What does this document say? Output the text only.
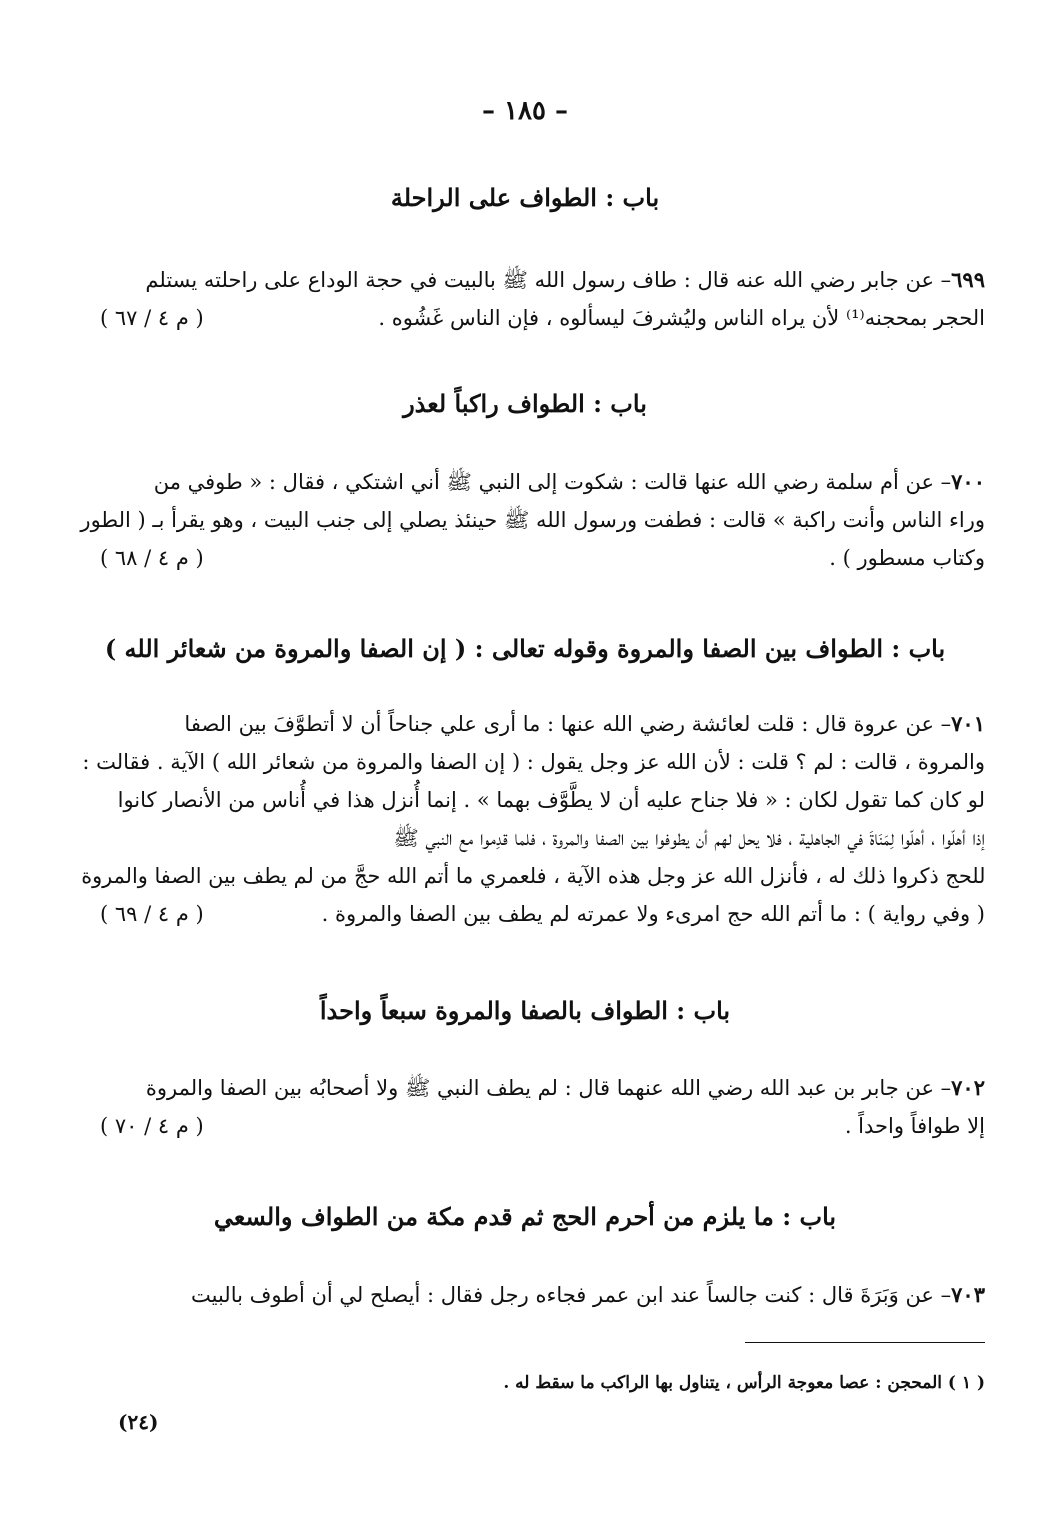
– ١٨٥ –
باب : الطواف على الراحلة
٦٩٩– عن جابر رضي الله عنه قال : طاف رسول الله ﷺ بالبيت في حجة الوداع على راحلته يستلم
الحجر بمحجنه⁽¹⁾ لأن يراه الناس وليُشرفَ ليسألوه ، فإن الناس غَشُوه .
( م ٤ / ٦٧ )
باب : الطواف راكباً لعذر
٧٠٠– عن أم سلمة رضي الله عنها قالت : شكوت إلى النبي ﷺ أني اشتكي ، فقال : « طوفي من
وراء الناس وأنت راكبة » قالت : فطفت ورسول الله ﷺ حينئذ يصلي إلى جنب البيت ، وهو يقرأ بـ ( الطور
وكتاب مسطور ) .
( م ٤ / ٦٨ )
باب : الطواف بين الصفا والمروة وقوله تعالى : ( إن الصفا والمروة من شعائر الله )
٧٠١– عن عروة قال : قلت لعائشة رضي الله عنها : ما أرى علي جناحاً أن لا أتطوَّفَ بين الصفا
والمروة ، قالت : لم ؟ قلت : لأن الله عز وجل يقول : ( إن الصفا والمروة من شعائر الله ) الآية . فقالت :
لو كان كما تقول لكان : « فلا جناح عليه أن لا يطَّوَّف بهما » . إنما أُنزل هذا في أُناس من الأنصار كانوا
إذا أهلّوا ، أهلّوا لِمَنَاةَ في الجاهلية ، فلا يحل لهم أن يطوفوا بين الصفا والمروة ، فلما قدِموا مع النبي ﷺ
للحج ذكروا ذلك له ، فأنزل الله عز وجل هذه الآية ، فلعمري ما أتم الله حجَّ من لم يطف بين الصفا والمروة
( وفي رواية ) : ما أتم الله حج امرىء ولا عمرته لم يطف بين الصفا والمروة .
( م ٤ / ٦٩ )
باب : الطواف بالصفا والمروة سبعاً واحداً
٧٠٢– عن جابر بن عبد الله رضي الله عنهما قال : لم يطف النبي ﷺ ولا أصحابُه بين الصفا والمروة
إلا طوافاً واحداً .
( م ٤ / ٧٠ )
باب : ما يلزم من أحرم الحج ثم قدم مكة من الطواف والسعي
٧٠٣– عن وَبَرَةَ قال : كنت جالساً عند ابن عمر فجاءه رجل فقال : أيصلح لي أن أطوف بالبيت
( ١ ) المحجن : عصا معوجة الرأس ، يتناول بها الراكب ما سقط له .
(٢٤)
